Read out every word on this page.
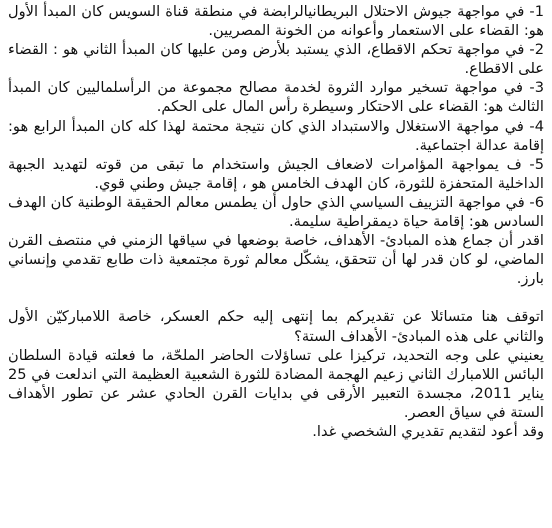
1- في مواجهة جيوش الاحتلال البريطانيالرابضة في منطقة قناة السويس كان المبدأ الأول هو: القضاء على الاستعمار وأعوانه من الخونة المصريين.

2- في مواجهة تحكم الاقطاع، الذي يستبد بلأرض ومن عليها كان المبدأ الثاني هو : القضاء على الاقطاع.

3- في مواجهة تسخير موارد الثروة لخدمة مصالح مجموعة من الرأسلماليين كان المبدأ الثالث هو: القضاء على الاحتكار وسيطرة رأس المال على الحكم.

4- في مواجهة الاستغلال والاستبداد الذي كان نتيجة محتمة لهذا كله كان المبدأ الرابع هو: إقامة عدالة اجتماعية.

5- ف يمواجهة المؤامرات لاضعاف الجيش واستخدام ما تبقى من قوته لتهديد الجبهة الداخلية المتحفزة للثورة، كان الهدف الخامس هو ، إقامة جيش وطني قوي.

6- في مواجهة التزييف السياسي الذي حاول أن يطمس معالم الحقيقة الوطنية كان الهدف السادس هو: إقامة حياة ديمقراطية سليمة.

اقدر أن جماع هذه المبادئ- الأهداف، خاصة بوضعها في سياقها الزمني في منتصف القرن الماضي، لو كان قدر لها أن تتحقق، يشكّل معالم ثورة مجتمعية ذات طابع تقدمي وإنساني بارز.

اتوقف هنا متسائلا عن تقديركم بما إنتهى إليه حكم العسكر، خاصة اللامباركيّن الأول والثاني على هذه المبادئ- الأهداف الستة؟

يعنيني على وجه التحديد، تركيزا على تساؤلات الحاضر الملحّة، ما فعلته قيادة السلطان البائس اللامبارك الثاني زعيم الهجمة المضادة للثورة الشعبية العظيمة التي اندلعت في 25 يناير 2011، مجسدة التعبير الأرقى في بدايات القرن الحادي عشر عن تطور الأهداف الستة في سياق العصر.

وقد أعود لتقديم تقديري الشخصي غدا.
